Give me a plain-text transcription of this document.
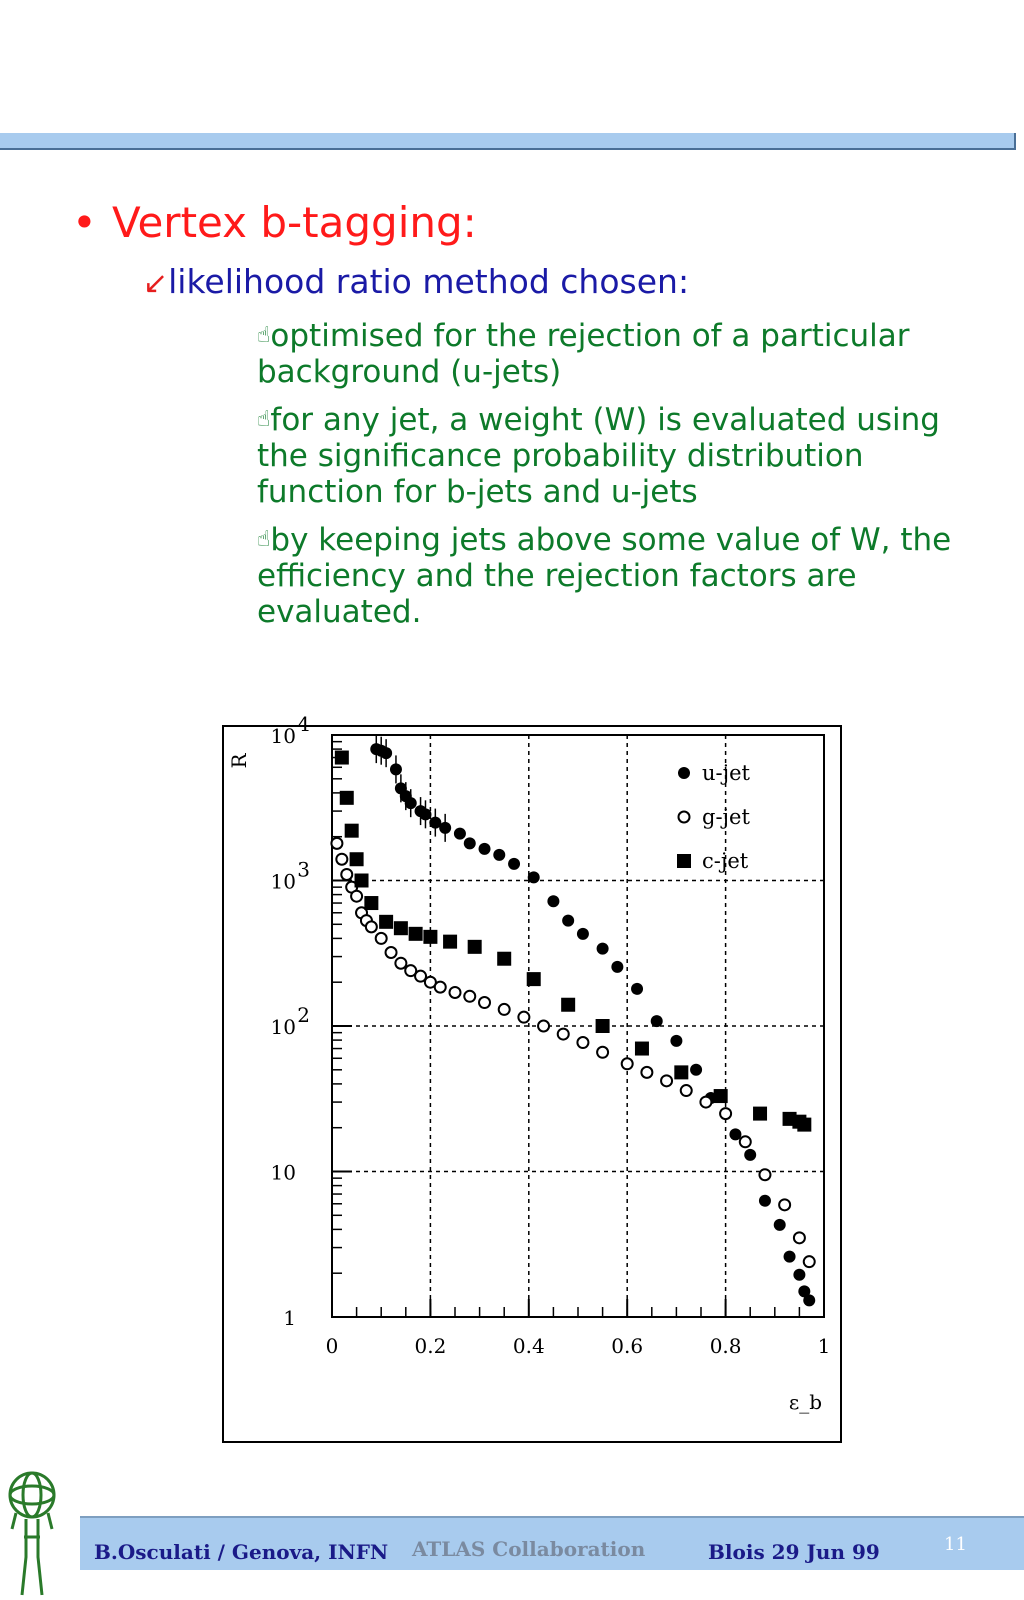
• Vertex b-tagging:
↙likelihood ratio method chosen:
☝optimised for the rejection of a particular background (u-jets)
☝for any jet, a weight (W) is evaluated using the significance probability distribution function for b-jets and u-jets
☝by keeping jets above some value of W, the efficiency and the rejection factors are evaluated.
0	0.2	0.4	0.6	0.8	1
10 4
10 3
10 2
10
1
u-jet
g-jet
c-jet
R
ε_b
B.Osculati / Genova, INFN ATLAS Collaboration	Blois 29 Jun 99	11
